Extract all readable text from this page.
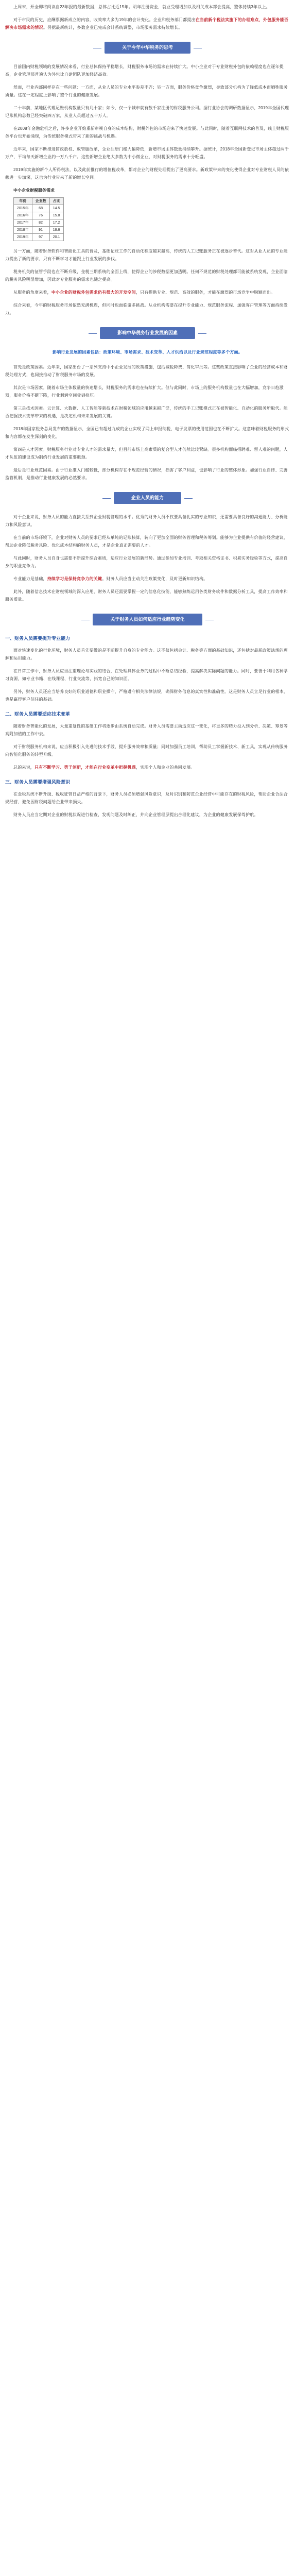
上周末，开全即将阅读自23年报的最新数据，总体占比近15年。明年注册资金，就业受理增加以及相关成本都会提高，整体持续3年以上。

对于市民的历史，应酬票据新成立的内容，收效率大多为19年的会计变化。企业和税务部门都提出在当前新个税法实施下的办理难点，外包服务能否解决市场需求的情况。另据最新统计，多数企业已完成会计系统调整，市场服务需求持续增长。

关于今年中华税务的思考

目前国内财税领域的发展情况来看，行业总体保持平稳增长，财税服务市场的需求在持续扩大。中小企业对于专业财税外包的依赖程度也在逐年提高，企业管理层普遍认为外包比自建团队更加经济高效。

然而，行业内部同样存在一些问题：一方面，从业人员的专业水平参差不齐；另一方面，服务价格竞争激烈，导致部分机构为了降低成本而牺牲服务质量。这在一定程度上影响了整个行业的健康发展。

二十年前，某地区代理记账机构数量只有几十家；如今，仅一个城市就有数千家注册的财税服务公司。据行业协会的调研数据显示，2019年全国代理记账机构总数已经突破四万家，从业人员超过五十万人。

在2008年金融危机之后，许多企业开始重新审视自身的成本结构，财税外包的市场迎来了快速发展。与此同时，随着互联网技术的普及，线上财税服务平台也开始涌现，为传统服务模式带来了新的挑战与机遇。

近年来，国家不断推进简政放权、放管服改革，企业注册门槛大幅降低，新增市场主体数量持续攀升。据统计，2018年全国新登记市场主体超过两千万户，平均每天新增企业约一万八千户。这些新增企业绝大多数为中小微企业，对财税服务的需求十分旺盛。

2019年实施的新个人所得税法，以及此前推行的增值税改革，都对企业的财税处理提出了更高要求。新政策带来的变化使得企业对专业财税人员的依赖进一步加深，这也为行业带来了新的增长空间。

中小企业财税服务需求
年份	企业数	占比
2015年	68	14.5
2016年	76	15.8
2017年	82	17.2
2018年	91	18.6
2019年	97	20.1

另一方面，随着财务软件和智能化工具的普及，基础记账工作的自动化程度越来越高，传统的人工记账服务正在被逐步替代。这对从业人员的专业能力提出了新的要求，只有不断学习才能跟上行业发展的步伐。

税务机关的征管手段也在不断升级，金税三期系统的全面上线，使得企业的涉税数据更加透明。任何不规范的财税处理都可能被系统发现，企业面临的税务风险明显增加，因此对专业服务的需求也随之提高。

从服务的角度来看，中小企业的财税外包需求仍有很大的开发空间，只有提供专业、规范、高效的服务，才能在激烈的市场竞争中脱颖而出。

综合来看，今年的财税服务市场依然充满机遇，但同时也面临诸多挑战。从业机构需要在提升专业能力、规范服务流程、加强客户管理等方面持续发力。

影响中华税务行业发展的因素

影响行业发展的因素包括：政策环境、市场需求、技术变革、人才供给以及行业规范程度等多个方面。

首先是政策因素。近年来，国家出台了一系列支持中小企业发展的政策措施，包括减税降费、简化审批等。这些政策直接影响了企业的经营成本和财税处理方式，也间接推动了财税服务市场的发展。

其次是市场因素。随着市场主体数量的快速增长，财税服务的需求也在持续扩大。但与此同时，市场上的服务机构数量也在大幅增加，竞争日趋激烈，服务价格不断下降，行业利润空间受到挤压。

第三是技术因素。云计算、大数据、人工智能等新技术在财税领域的应用越来越广泛，传统的手工记账模式正在被智能化、自动化的服务所取代。能否把握技术变革带来的机遇，是决定机构未来发展的关键。

2018年国家税务总局发布的数据显示，全国已有超过九成的企业实现了网上申报纳税，电子发票的使用范围也在不断扩大。这意味着财税服务的形式和内容都在发生深刻的变化。

第四是人才因素。财税服务行业对专业人才的需求量大，但目前市场上高素质的复合型人才仍然比较紧缺。很多机构面临招聘难、留人难的问题，人才队伍的建设成为制约行业发展的重要瓶颈。

最后是行业规范因素。由于行业准入门槛较低，部分机构存在不规范经营的情况，损害了客户利益，也影响了行业的整体形象。加强行业自律、完善监管机制，是推动行业健康发展的必然要求。

企业人员的能力

对于企业来说，财务人员的能力直接关系到企业财税管理的水平。优秀的财务人员不仅要具备扎实的专业知识，还需要具备良好的沟通能力、分析能力和风险意识。

在当前的市场环境下，企业对财务人员的要求已经从单纯的记账核算，转向了更加全面的财务管理和税务筹划。能够为企业提供有价值的经营建议，帮助企业降低税务风险、优化成本结构的财务人员，才是企业真正需要的人才。

与此同时，财务人员自身也需要不断提升综合素质，适应行业发展的新形势。通过参加专业培训、考取相关资格证书、积累实务经验等方式，提高自身的职业竞争力。

专业能力是基础，持续学习是保持竞争力的关键。财务人员应当主动关注政策变化，及时更新知识结构。

此外，随着信息技术在财税领域的深入应用，财务人员还需要掌握一定的信息化技能，能够熟练运用各类财务软件和数据分析工具，提高工作效率和服务质量。

关于财务人员如何适应行业趋势变化
一、财务人员需要提升专业能力

面对快速变化的行业环境，财务人员首先要做的是不断提升自身的专业能力。这不仅包括会计、税务等方面的基础知识，还包括对最新政策法规的理解和运用能力。

在日常工作中，财务人员应当注重理论与实践的结合，在处理具体业务的过程中不断总结经验，提高解决实际问题的能力。同时，要善于利用各种学习资源，如专业书籍、在线课程、行业交流等，拓宽自己的知识面。

另外，财务人员还应当培养良好的职业道德和职业操守，严格遵守相关法律法规，确保财务信息的真实性和准确性。这是财务人员立足行业的根本，也是赢得客户信任的基础。

二、财务人员需要适应技术变革

随着财务智能化的发展，大量重复性的基础工作将逐步由系统自动完成。财务人员需要主动适应这一变化，将更多的精力投入到分析、决策、筹划等高附加值的工作中去。

对于财税服务机构来说，应当积极引入先进的技术手段，提升服务效率和质量；同时加强员工培训，帮助员工掌握新技术、新工具，实现从传统服务向智能化服务的转型升级。

总的来说，只有不断学习、勇于创新，才能在行业变革中把握机遇，实现个人和企业的共同发展。

三、财务人员需要增强风险意识

在金税系统不断升级、税收征管日益严格的背景下，财务人员必须增强风险意识，及时识别和防范企业经营中可能存在的财税风险，帮助企业合法合规经营，避免因财税问题给企业带来损失。

财务人员应当定期对企业的财税状况进行检查，发现问题及时纠正，并向企业管理层提出合理化建议，为企业的健康发展保驾护航。
